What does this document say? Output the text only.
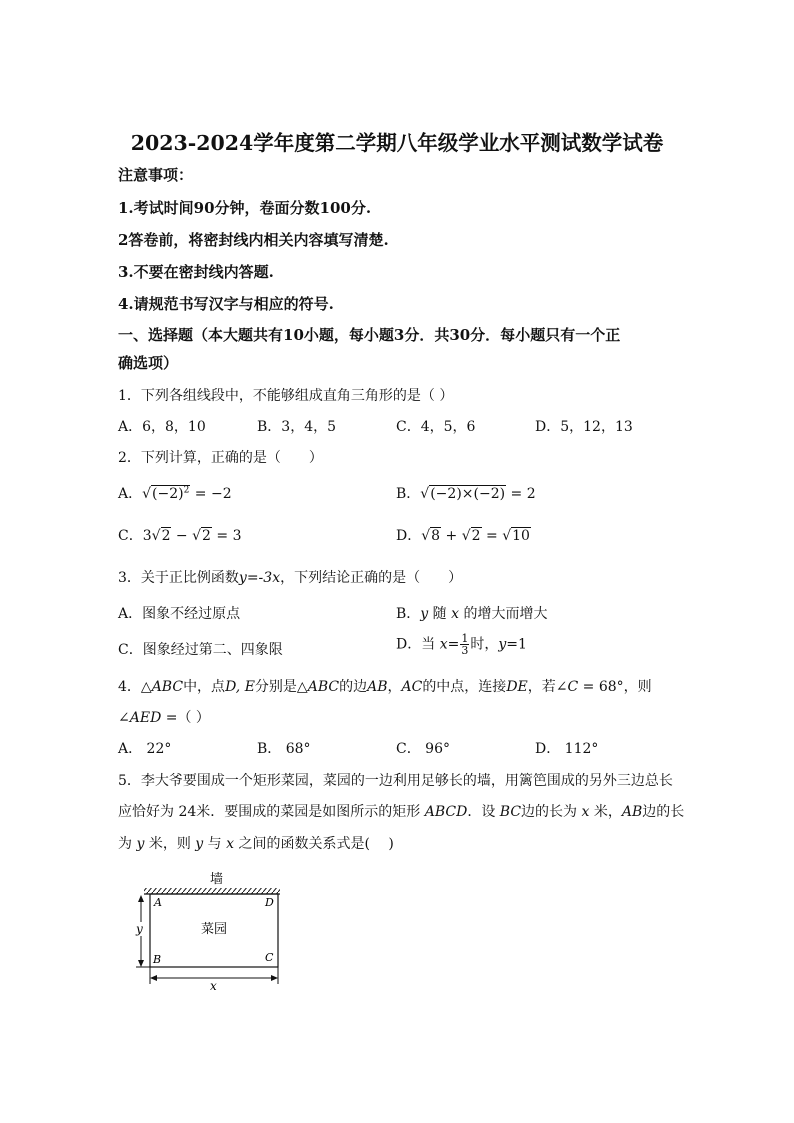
2023-2024学年度第二学期八年级学业水平测试数学试卷
注意事项：
1.考试时间90分钟，卷面分数100分.
2答卷前，将密封线内相关内容填写清楚.
3.不要在密封线内答题.
4.请规范书写汉字与相应的符号.
一、选择题（本大题共有10小题，每小题3分．共30分．每小题只有一个正
确选项）
1．下列各组线段中，不能够组成直角三角形的是（ ）
A．6，8，10	B．3，4，5	C．4，5，6	D．5，12，13
2．下列计算，正确的是（　　）
A．$√(-2)^2 = -2$	B．√(−2)×(−2) = 2
C．3√2 − √2 = 3	D．√8 + √2 = √10
3．关于正比例函数y=-3x，下列结论正确的是（　　）
A．图象不经过原点	B．y 随 x 的增大而增大
C．图象经过第二、四象限	D．当 $x= \frac{1}{3}$ 时，y=1
4．△ABC中，点D, E分别是△ABC的边AB，AC的中点，连接DE，若∠C = 68°，则
∠AED =（ ）
A． 22°	B． 68°	C． 96°	D． 112°
5．李大爷要围成一个矩形菜园，菜园的一边利用足够长的墙，用篱笆围成的另外三边总长
应恰好为 24米．要围成的菜园是如图所示的矩形 ABCD．设 BC边的长为 x 米，AB边的长
为 y 米，则 y 与 x 之间的函数关系式是(　 )
墙
A	D
B	C
菜园
y
x
